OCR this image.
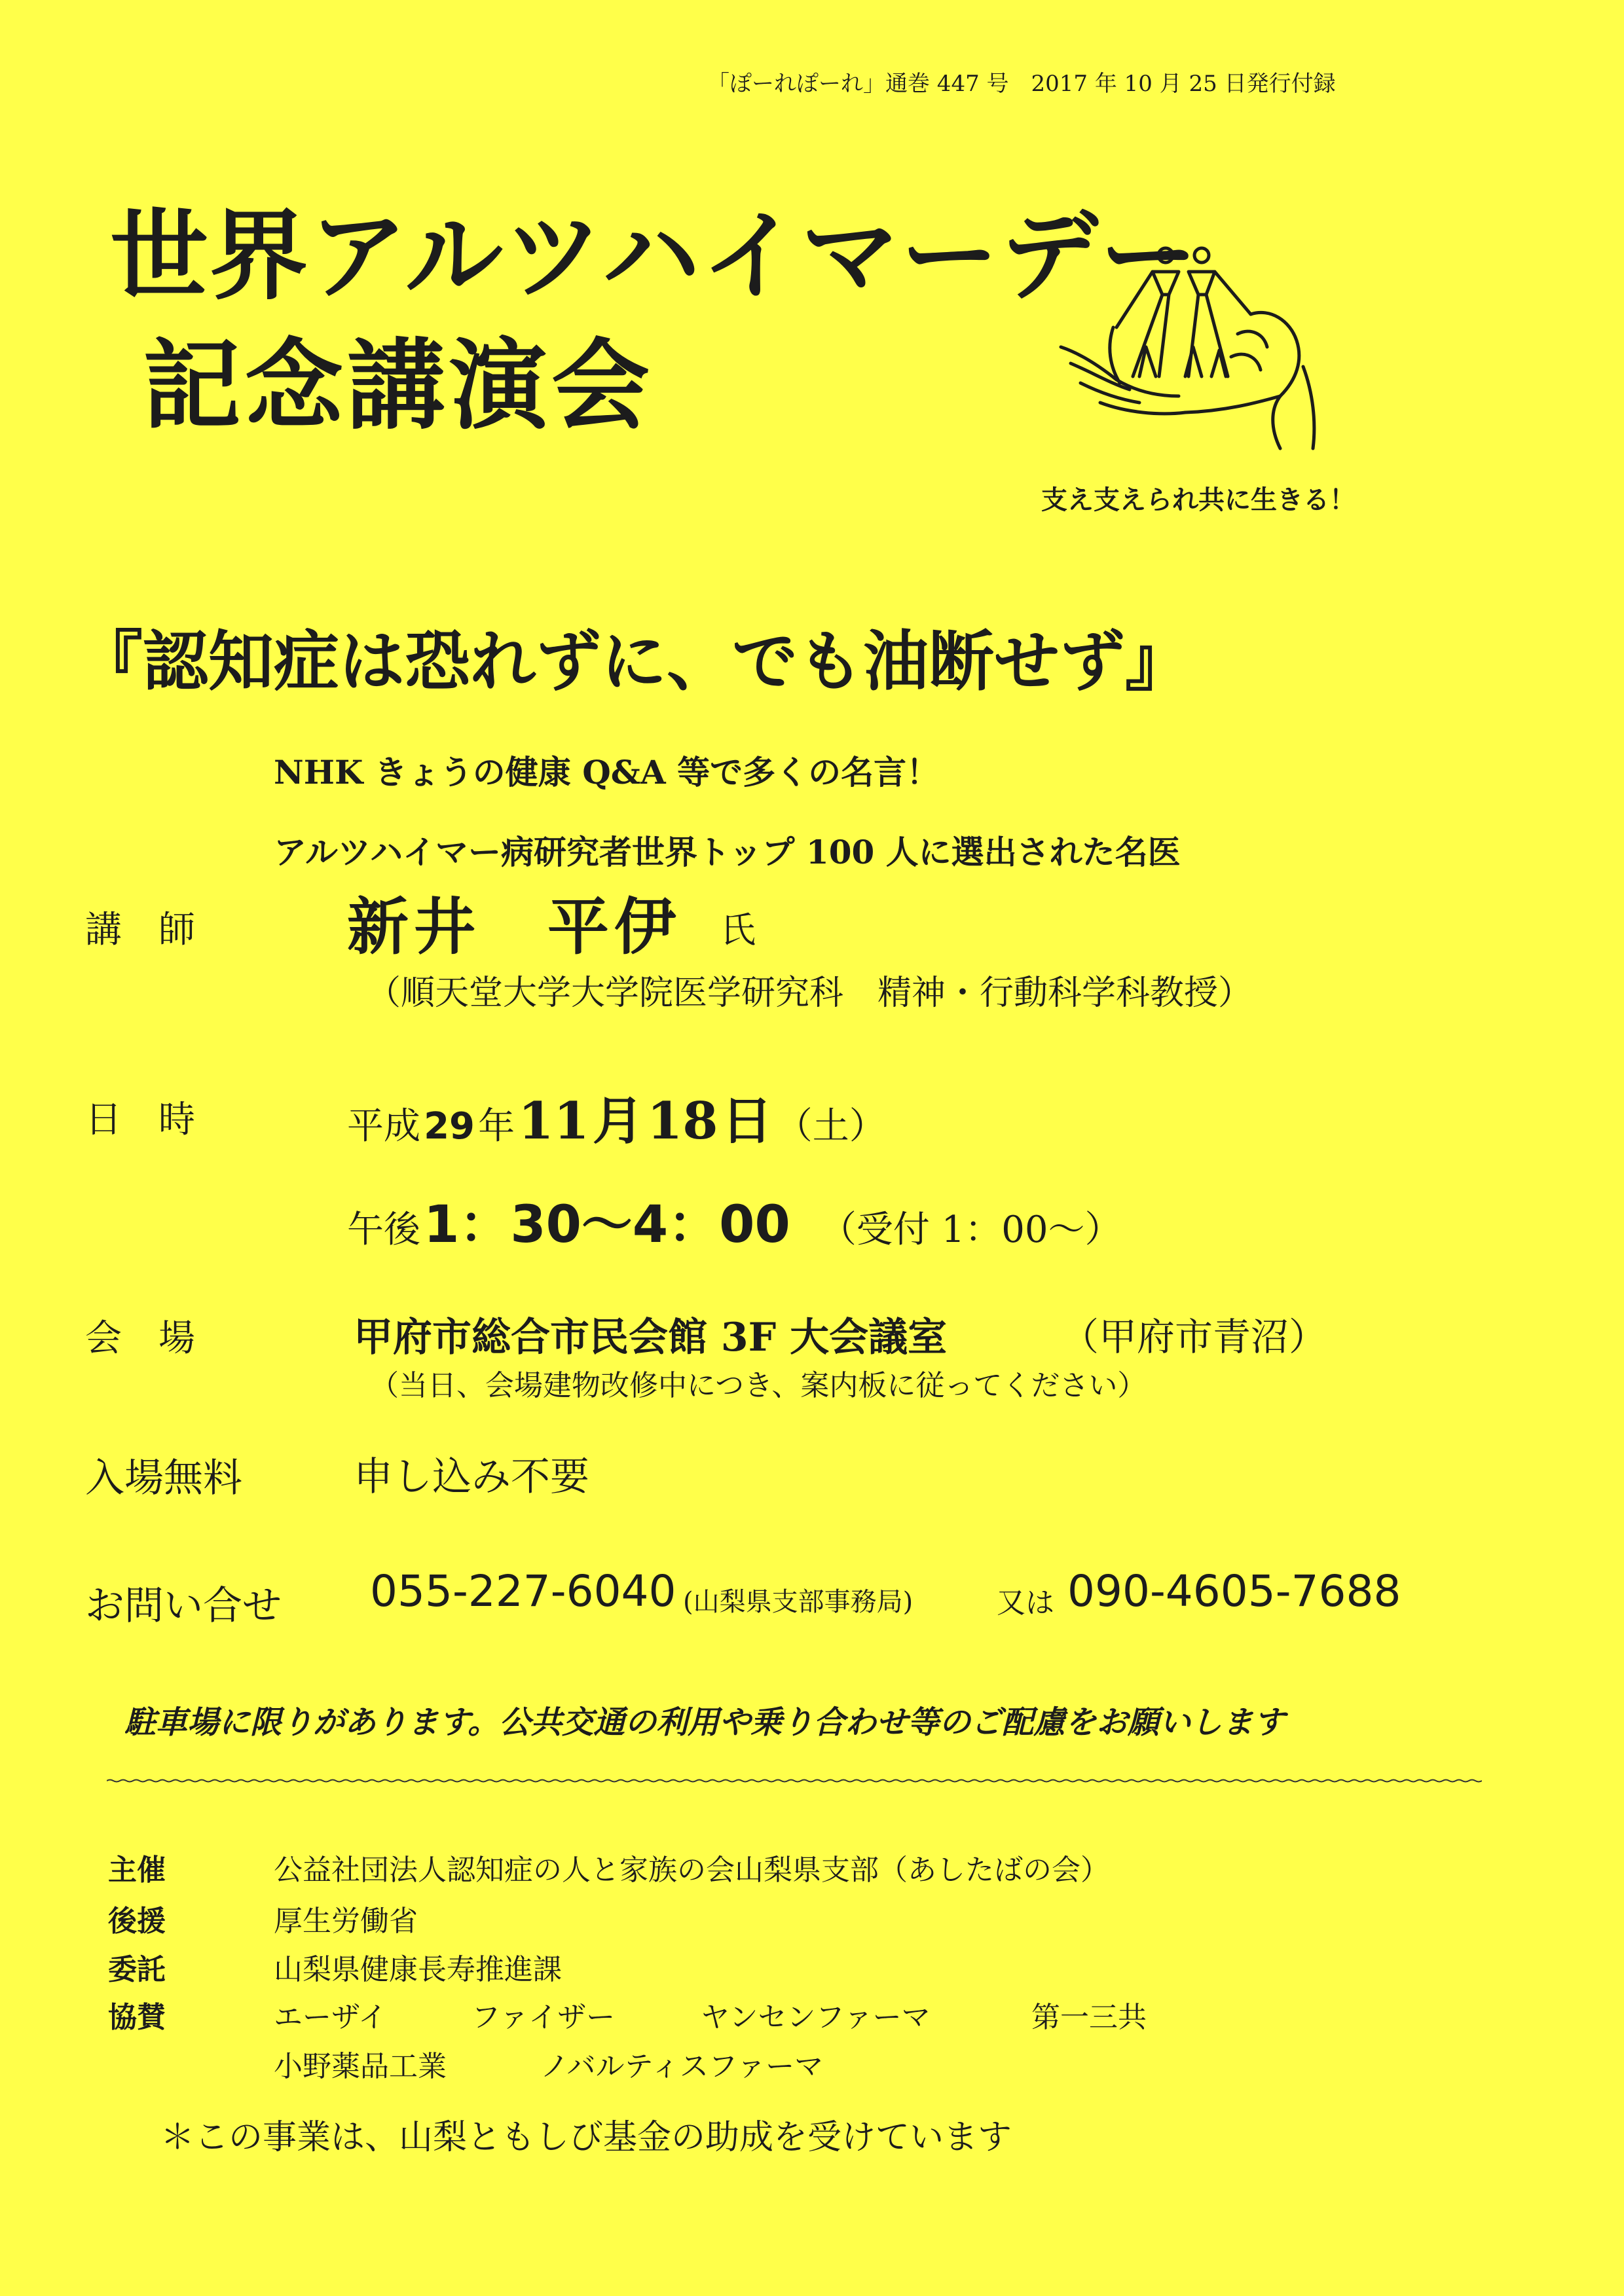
「ぽーれぽーれ」通巻 447 号　2017 年 10 月 25 日発行付録
世界アルツハイマーデー
記念講演会
支え支えられ共に生きる！
『認知症は恐れずに、でも油断せず』
NHK きょうの健康 Q&A 等で多くの名言！
アルツハイマー病研究者世界トップ 100 人に選出された名医
講　師 新井　平伊 氏
（順天堂大学大学院医学研究科　精神・行動科学科教授）
日　時	平成 29 年 11 月 18 日 （土）
午後 1：30〜4：00 （受付 1：00〜）
会　場	甲府市総合市民会館 3F 大会議室	（甲府市青沼）
（当日、会場建物改修中につき、案内板に従ってください）
入場無料	申し込み不要
お問い合せ 055-227-6040 (山梨県支部事務局)	又は 090-4605-7688
駐車場に限りがあります。公共交通の利用や乗り合わせ等のご配慮をお願いします
主催	公益社団法人認知症の人と家族の会山梨県支部（あしたばの会）
後援	厚生労働省
委託	山梨県健康長寿推進課
協賛	エーザイ	ファイザー	ヤンセンファーマ	第一三共
小野薬品工業	ノバルティスファーマ
＊この事業は、山梨ともしび基金の助成を受けています
